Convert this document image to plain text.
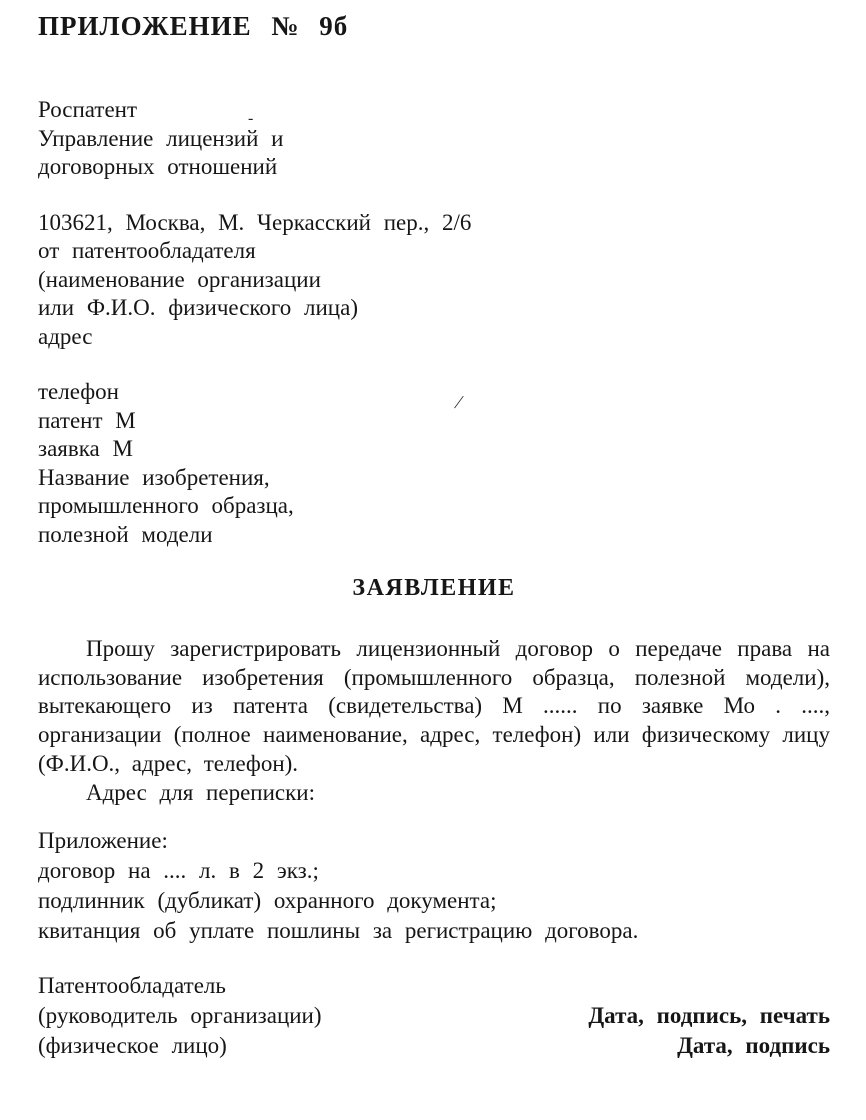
-
/
ПРИЛОЖЕНИЕ № 9б
Роспатент
Управление лицензий и
договорных отношений
103621, Москва, М. Черкасский пер., 2/6
от патентообладателя
(наименование организации
или Ф.И.О. физического лица)
адрес
телефон
патент М
заявка М
Название изобретения,
промышленного образца,
полезной модели
ЗАЯВЛЕНИЕ

Прошу зарегистрировать лицензионный договор о передаче права на использование изобретения (промышленного образца, полезной модели), вытекающего из патента (свидетельства) М ...... по заявке Мо . ...., организации (полное наименование, адрес, телефон) или физическому лицу (Ф.И.О., адрес, телефон).

Адрес для переписки:

Приложение:
договор на .... л. в 2 экз.;
подлинник (дубликат) охранного документа;
квитанция об уплате пошлины за регистрацию договора.
Патентообладатель
(руководитель организации)	Дата, подпись, печать
(физическое лицо)	Дата, подпись
